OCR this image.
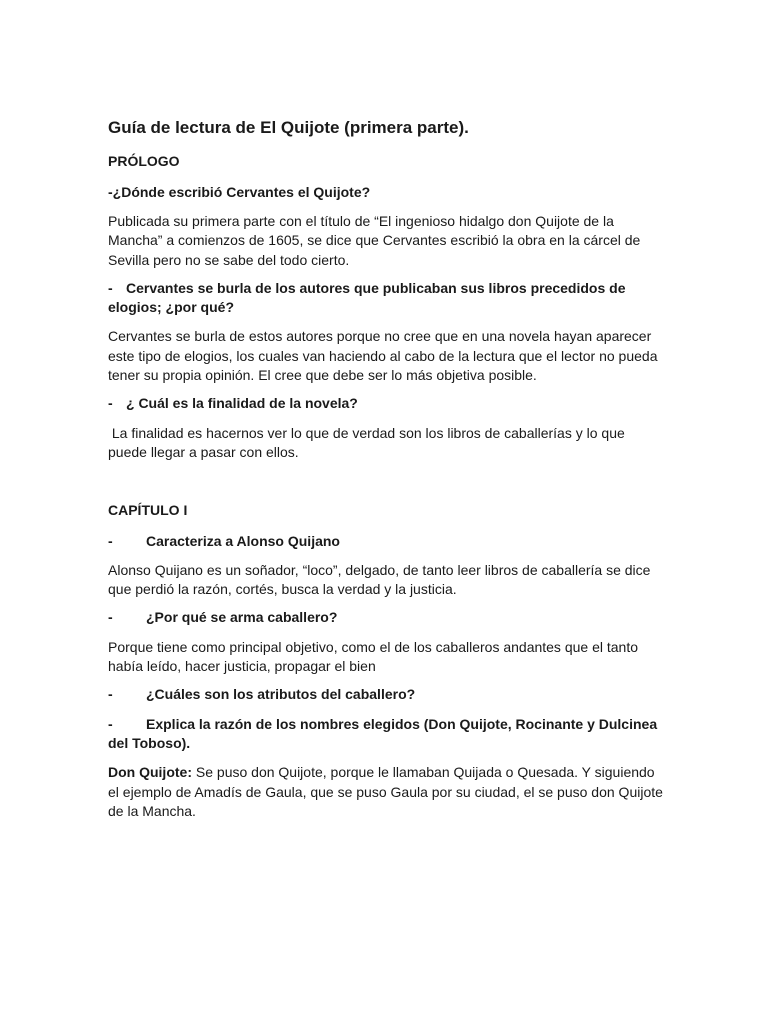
Guía de lectura de El Quijote (primera parte).
PRÓLOGO
-¿Dónde escribió Cervantes el Quijote?
Publicada su primera parte con el título de “El ingenioso hidalgo don Quijote de la Mancha” a comienzos de 1605, se dice que Cervantes escribió la obra en la cárcel de Sevilla pero no se sabe del todo cierto.
- Cervantes se burla de los autores que publicaban sus libros precedidos de elogios; ¿por qué?
Cervantes se burla de estos autores porque no cree que en una novela hayan aparecer este tipo de elogios, los cuales van haciendo al cabo de la lectura que el lector no pueda tener su propia opinión. El cree que debe ser lo más objetiva posible.
- ¿ Cuál es la finalidad de la novela?
La finalidad es hacernos ver lo que de verdad son los libros de caballerías y lo que puede llegar a pasar con ellos.
CAPÍTULO I
- Caracteriza a Alonso Quijano
Alonso Quijano es un soñador, “loco”, delgado, de tanto leer libros de caballería se dice que perdió la razón, cortés, busca la verdad y la justicia.
- ¿Por qué se arma caballero?
Porque tiene como principal objetivo, como el de los caballeros andantes que el tanto había leído, hacer justicia, propagar el bien
- ¿Cuáles son los atributos del caballero?
- Explica la razón de los nombres elegidos (Don Quijote, Rocinante y Dulcinea del Toboso).
Don Quijote: Se puso don Quijote, porque le llamaban Quijada o Quesada. Y siguiendo el ejemplo de Amadís de Gaula, que se puso Gaula por su ciudad, el se puso don Quijote de la Mancha.
